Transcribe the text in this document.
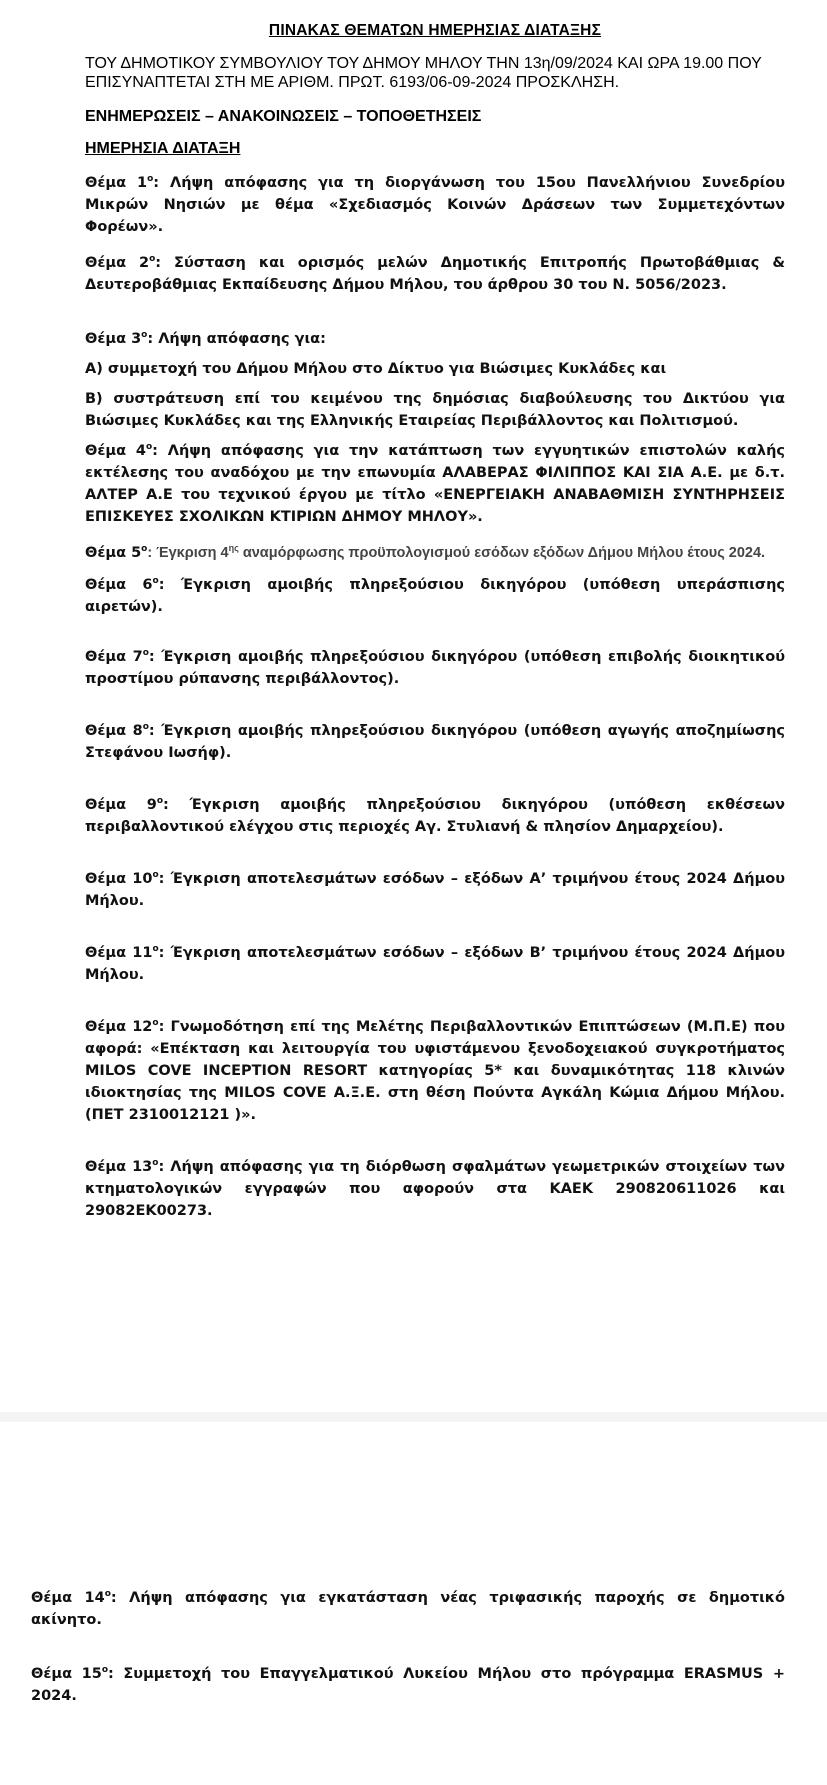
ΠΙΝΑΚΑΣ ΘΕΜΑΤΩΝ ΗΜΕΡΗΣΙΑΣ ΔΙΑΤΑΞΗΣ
ΤΟΥ ΔΗΜΟΤΙΚΟΥ ΣΥΜΒΟΥΛΙΟΥ ΤΟΥ ΔΗΜΟΥ ΜΗΛΟΥ ΤΗΝ 13η/09/2024 ΚΑΙ ΩΡΑ 19.00 ΠΟΥ ΕΠΙΣΥΝΑΠΤΕΤΑΙ ΣΤΗ ΜΕ ΑΡΙΘΜ. ΠΡΩΤ. 6193/06-09-2024 ΠΡΟΣΚΛΗΣΗ.
ΕΝΗΜΕΡΩΣΕΙΣ – ΑΝΑΚΟΙΝΩΣΕΙΣ – ΤΟΠΟΘΕΤΗΣΕΙΣ
ΗΜΕΡΗΣΙΑ ΔΙΑΤΑΞΗ

Θέμα $1^o$: Λήψη απόφασης για τη διοργάνωση του 15ου Πανελλήνιου Συνεδρίου Μικρών Νησιών με θέμα «Σχεδιασμός Κοινών Δράσεων των Συμμετεχόντων Φορέων».

Θέμα $2^o$: Σύσταση και ορισμός μελών Δημοτικής Επιτροπής Πρωτοβάθμιας & Δευτεροβάθμιας Εκπαίδευσης Δήμου Μήλου, του άρθρου 30 του Ν. 5056/2023.

Θέμα $3^o$: Λήψη απόφασης για:

Α) συμμετοχή του Δήμου Μήλου στο Δίκτυο για Βιώσιμες Κυκλάδες και

Β) συστράτευση επί του κειμένου της δημόσιας διαβούλευσης του Δικτύου για Βιώσιμες Κυκλάδες και της Ελληνικής Εταιρείας Περιβάλλοντος και Πολιτισμού.

Θέμα $4^o$: Λήψη απόφασης για την κατάπτωση των εγγυητικών επιστολών καλής εκτέλεσης του αναδόχου με την επωνυμία ΑΛΑΒΕΡΑΣ ΦΙΛΙΠΠΟΣ ΚΑΙ ΣΙΑ Α.Ε. με δ.τ. ΑΛΤΕΡ Α.Ε του τεχνικού έργου με τίτλο «ΕΝΕΡΓΕΙΑΚΗ ΑΝΑΒΑΘΜΙΣΗ ΣΥΝΤΗΡΗΣΕΙΣ ΕΠΙΣΚΕΥΕΣ ΣΧΟΛΙΚΩΝ ΚΤΙΡΙΩΝ ΔΗΜΟΥ ΜΗΛΟΥ».

Θέμα $5^o$: Έγκριση $4^{\eta\varsigma}$ αναμόρφωσης προϋπολογισμού εσόδων εξόδων Δήμου Μήλου έτους 2024.

Θέμα $6^o$: Έγκριση αμοιβής πληρεξούσιου δικηγόρου (υπόθεση υπεράσπισης αιρετών).

Θέμα $7^o$: Έγκριση αμοιβής πληρεξούσιου δικηγόρου (υπόθεση επιβολής διοικητικού προστίμου ρύπανσης περιβάλλοντος).

Θέμα $8^o$: Έγκριση αμοιβής πληρεξούσιου δικηγόρου (υπόθεση αγωγής αποζημίωσης Στεφάνου Ιωσήφ).

Θέμα $9^o$: Έγκριση αμοιβής πληρεξούσιου δικηγόρου (υπόθεση εκθέσεων περιβαλλοντικού ελέγχου στις περιοχές Αγ. Στυλιανή & πλησίον Δημαρχείου).

Θέμα $10^o$: Έγκριση αποτελεσμάτων εσόδων – εξόδων Α’ τριμήνου έτους 2024 Δήμου Μήλου.

Θέμα $11^o$: Έγκριση αποτελεσμάτων εσόδων – εξόδων Β’ τριμήνου έτους 2024 Δήμου Μήλου.

Θέμα $12^o$: Γνωμοδότηση επί της Μελέτης Περιβαλλοντικών Επιπτώσεων (Μ.Π.Ε) που αφορά: «Επέκταση και λειτουργία του υφιστάμενου ξενοδοχειακού συγκροτήματος MILOS COVE INCEPTION RESORT κατηγορίας 5* και δυναμικότητας 118 κλινών ιδιοκτησίας της MILOS COVE Α.Ξ.Ε. στη θέση Πούντα Αγκάλη Κώμια Δήμου Μήλου. (ΠΕΤ 2310012121 )».

Θέμα $13^o$: Λήψη απόφασης για τη διόρθωση σφαλμάτων γεωμετρικών στοιχείων των κτηματολογικών εγγραφών που αφορούν στα ΚΑΕΚ 290820611026 και 29082ΕΚ00273.

Θέμα $14^o$: Λήψη απόφασης για εγκατάσταση νέας τριφασικής παροχής σε δημοτικό ακίνητο.

Θέμα $15^o$: Συμμετοχή του Επαγγελματικού Λυκείου Μήλου στο πρόγραμμα ERASMUS + 2024.
